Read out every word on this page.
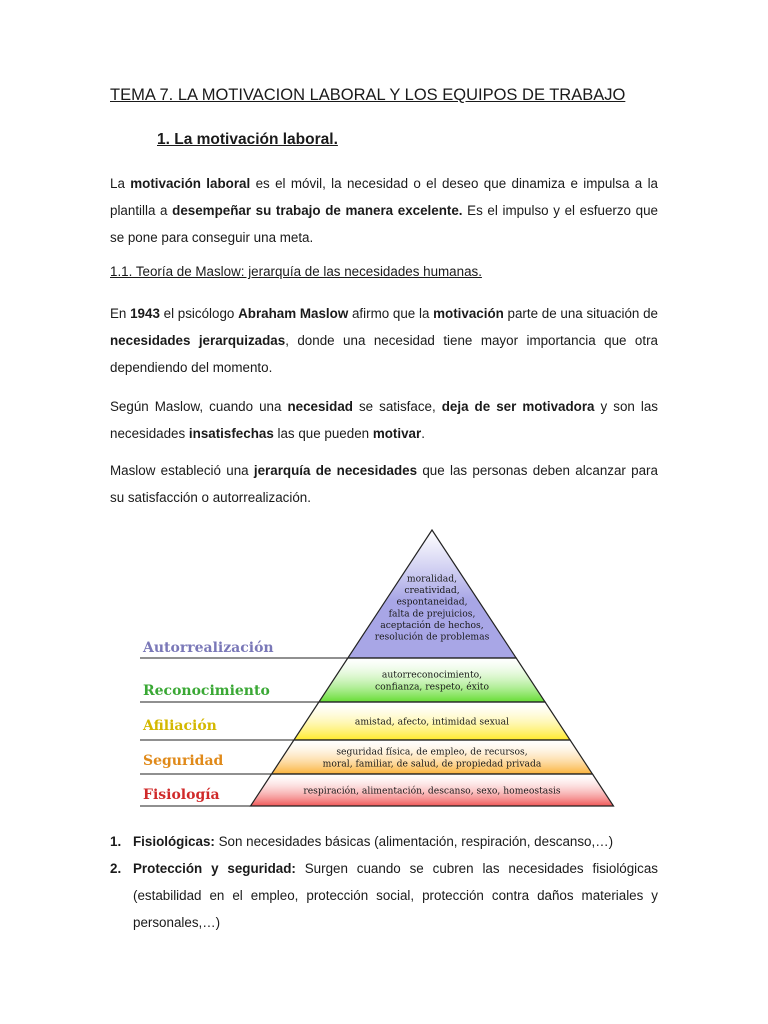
TEMA 7. LA MOTIVACION LABORAL Y LOS EQUIPOS DE TRABAJO
1. La motivación laboral.

La motivación laboral es el móvil, la necesidad o el deseo que dinamiza e impulsa a la plantilla a desempeñar su trabajo de manera excelente. Es el impulso y el esfuerzo que se pone para conseguir una meta.

1.1. Teoría de Maslow: jerarquía de las necesidades humanas.

En 1943 el psicólogo Abraham Maslow afirmo que la motivación parte de una situación de necesidades jerarquizadas, donde una necesidad tiene mayor importancia que otra dependiendo del momento.

Según Maslow, cuando una necesidad se satisface, deja de ser motivadora y son las necesidades insatisfechas las que pueden motivar.

Maslow estableció una jerarquía de necesidades que las personas deben alcanzar para su satisfacción o autorrealización.

Autorrealización
moralidad,
creatividad,
espontaneidad,
falta de prejuicios,
aceptación de hechos,
resolución de problemas
Reconocimiento
autorreconocimiento,
confianza, respeto, éxito
Afiliación	amistad, afecto, intimidad sexual
Seguridad
seguridad física, de empleo, de recursos,
moral, familiar, de salud, de propiedad privada
Fisiología	respiración, alimentación, descanso, sexo, homeostasis
1. Fisiológicas: Son necesidades básicas (alimentación, respiración, descanso,…)
2. Protección y seguridad: Surgen cuando se cubren las necesidades fisiológicas (estabilidad en el empleo, protección social, protección contra daños materiales y personales,…)
